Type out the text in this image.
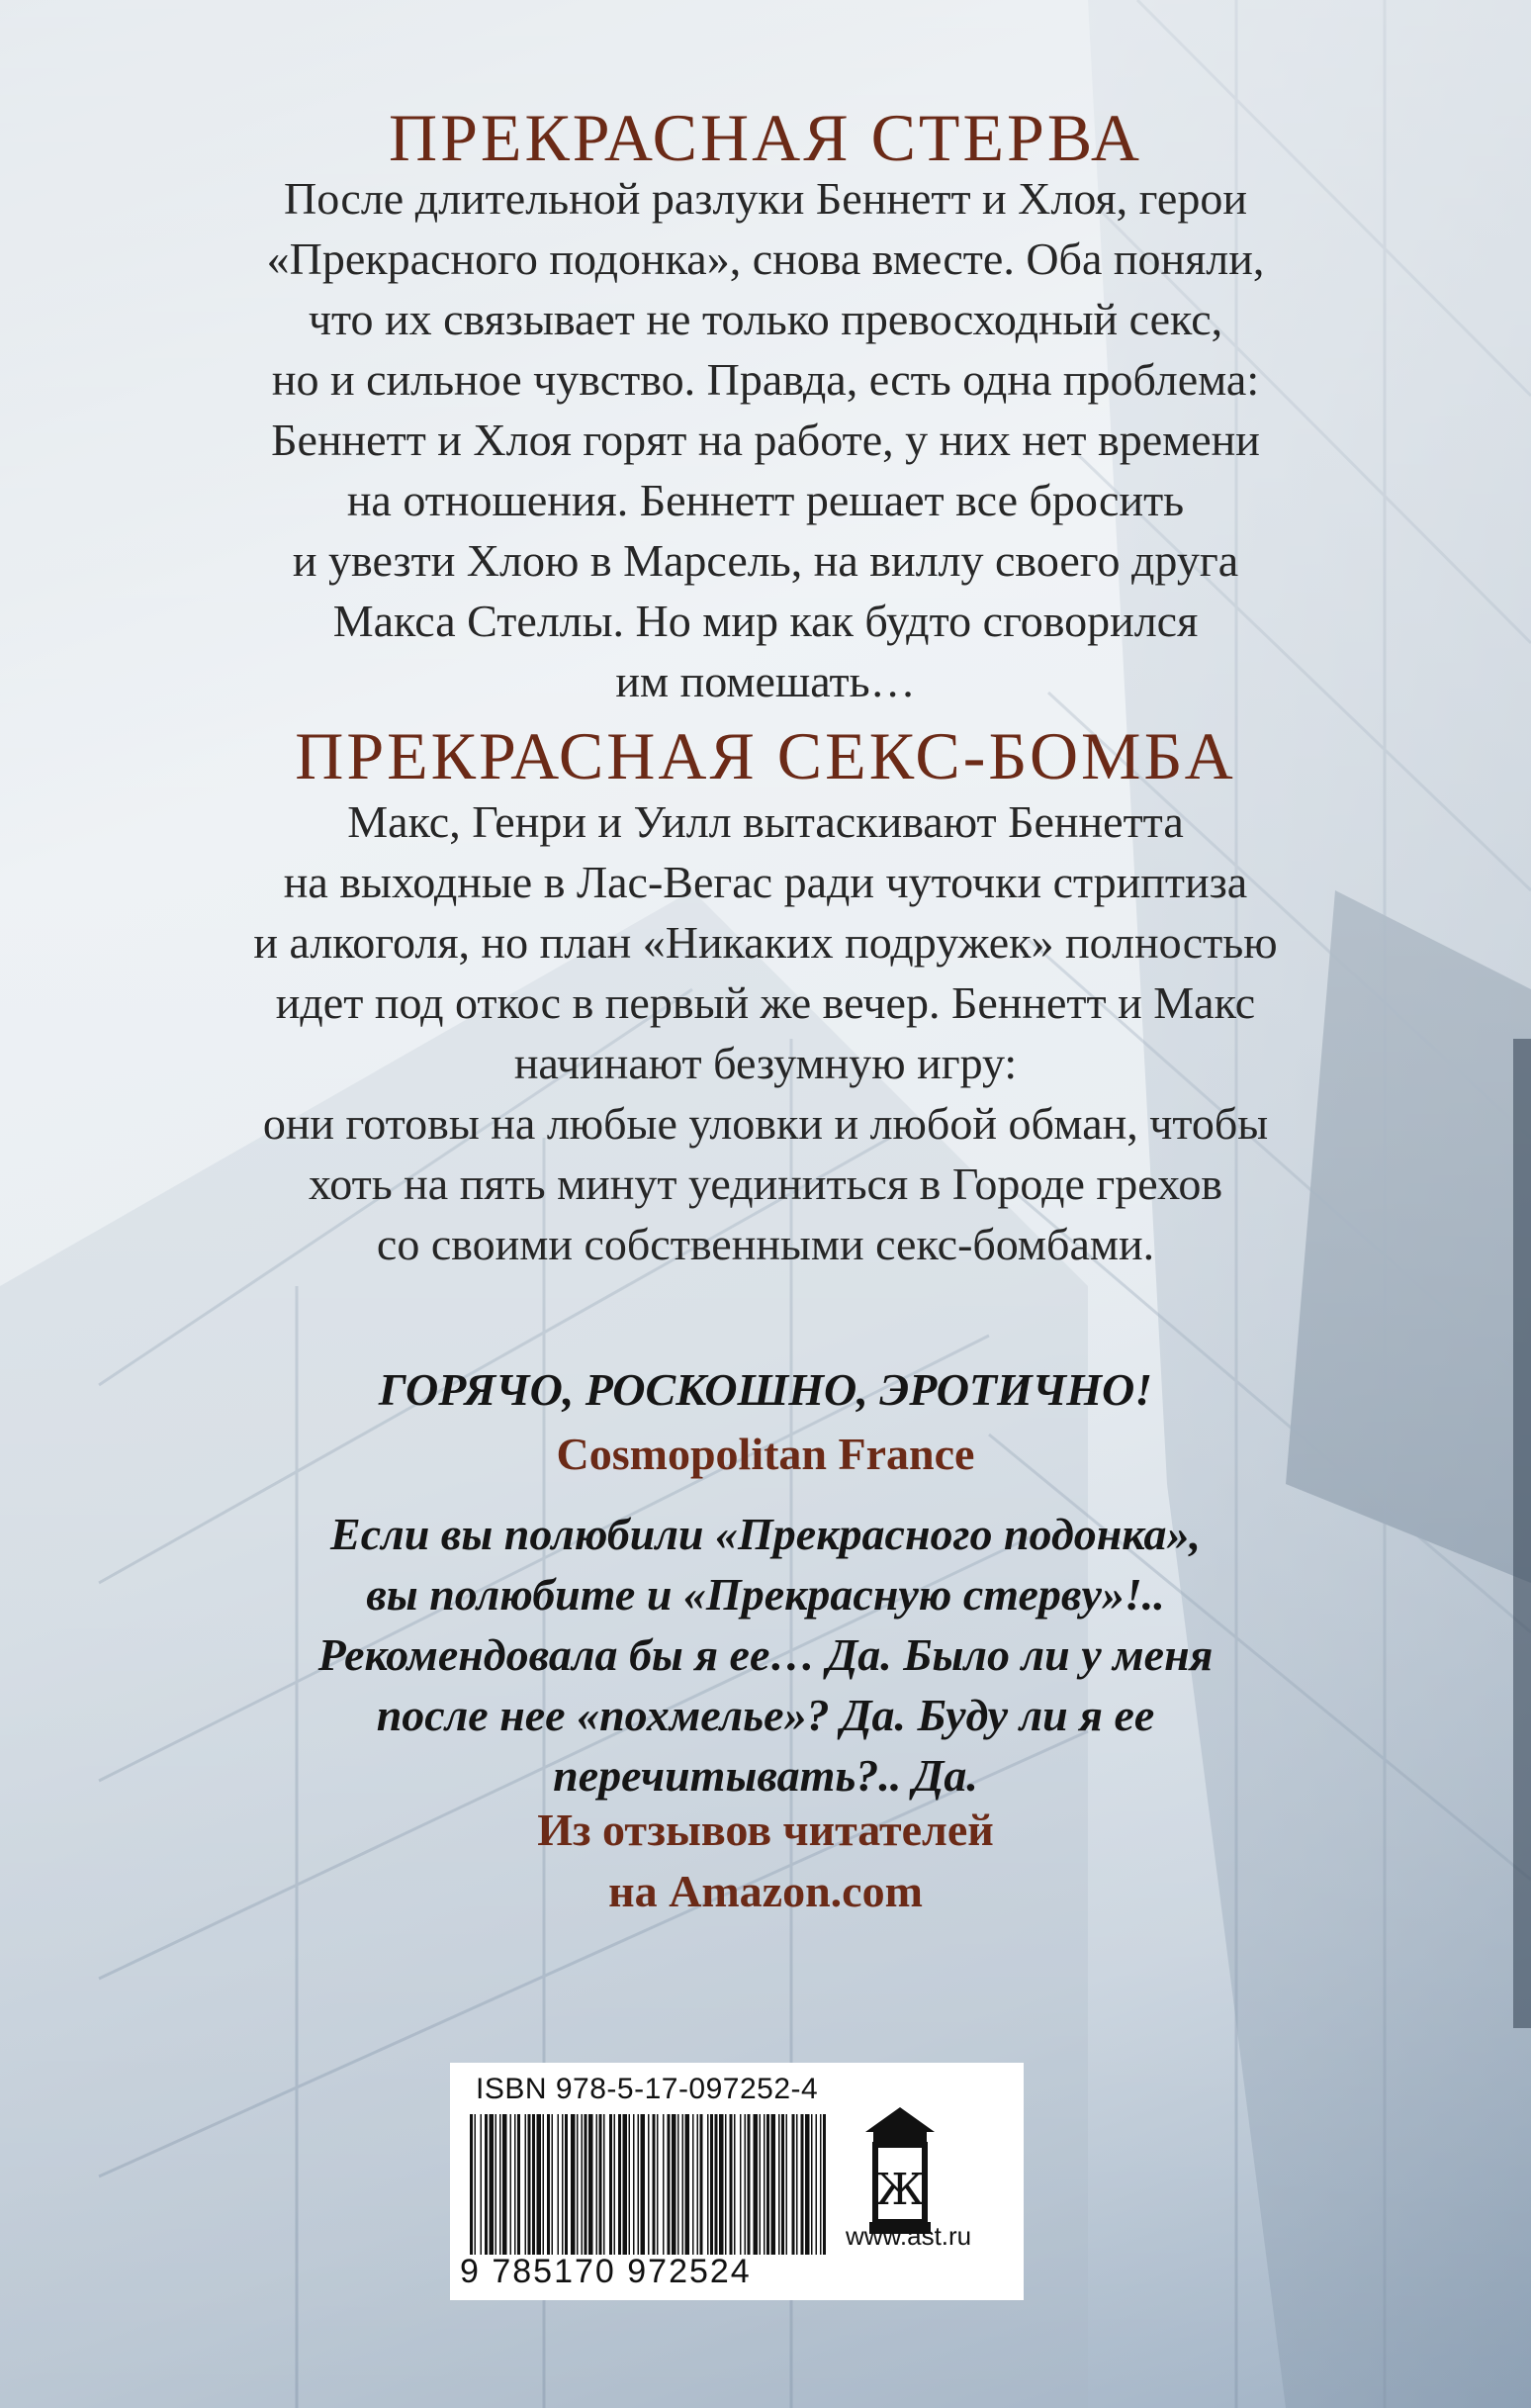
ПРЕКРАСНАЯ СТЕРВА
После длительной разлуки Беннетт и Хлоя, герои
«Прекрасного подонка», снова вместе. Оба поняли,
что их связывает не только превосходный секс,
но и сильное чувство. Правда, есть одна проблема:
Беннетт и Хлоя горят на работе, у них нет времени
на отношения. Беннетт решает все бросить
и увезти Хлою в Марсель, на виллу своего друга
Макса Стеллы. Но мир как будто сговорился
им помешать…
ПРЕКРАСНАЯ СЕКС-БОМБА
Макс, Генри и Уилл вытаскивают Беннетта
на выходные в Лас-Вегас ради чуточки стриптиза
и алкоголя, но план «Никаких подружек» полностью
идет под откос в первый же вечер. Беннетт и Макс
начинают безумную игру:
они готовы на любые уловки и любой обман, чтобы
хоть на пять минут уединиться в Городе грехов
со своими собственными секс-бомбами.

ГОРЯЧО, РОСКОШНО, ЭРОТИЧНО!

Cosmopolitan France

Если вы полюбили «Прекрасного подонка»,
вы полюбите и «Прекрасную стерву»!..
Рекомендовала бы я ее… Да. Было ли у меня
после нее «похмелье»? Да. Буду ли я ее
перечитывать?.. Да.

Из отзывов читателей

на Amazon.com

ISBN 978-5-17-097252-4
9 785170 972524
Ж
www.ast.ru
